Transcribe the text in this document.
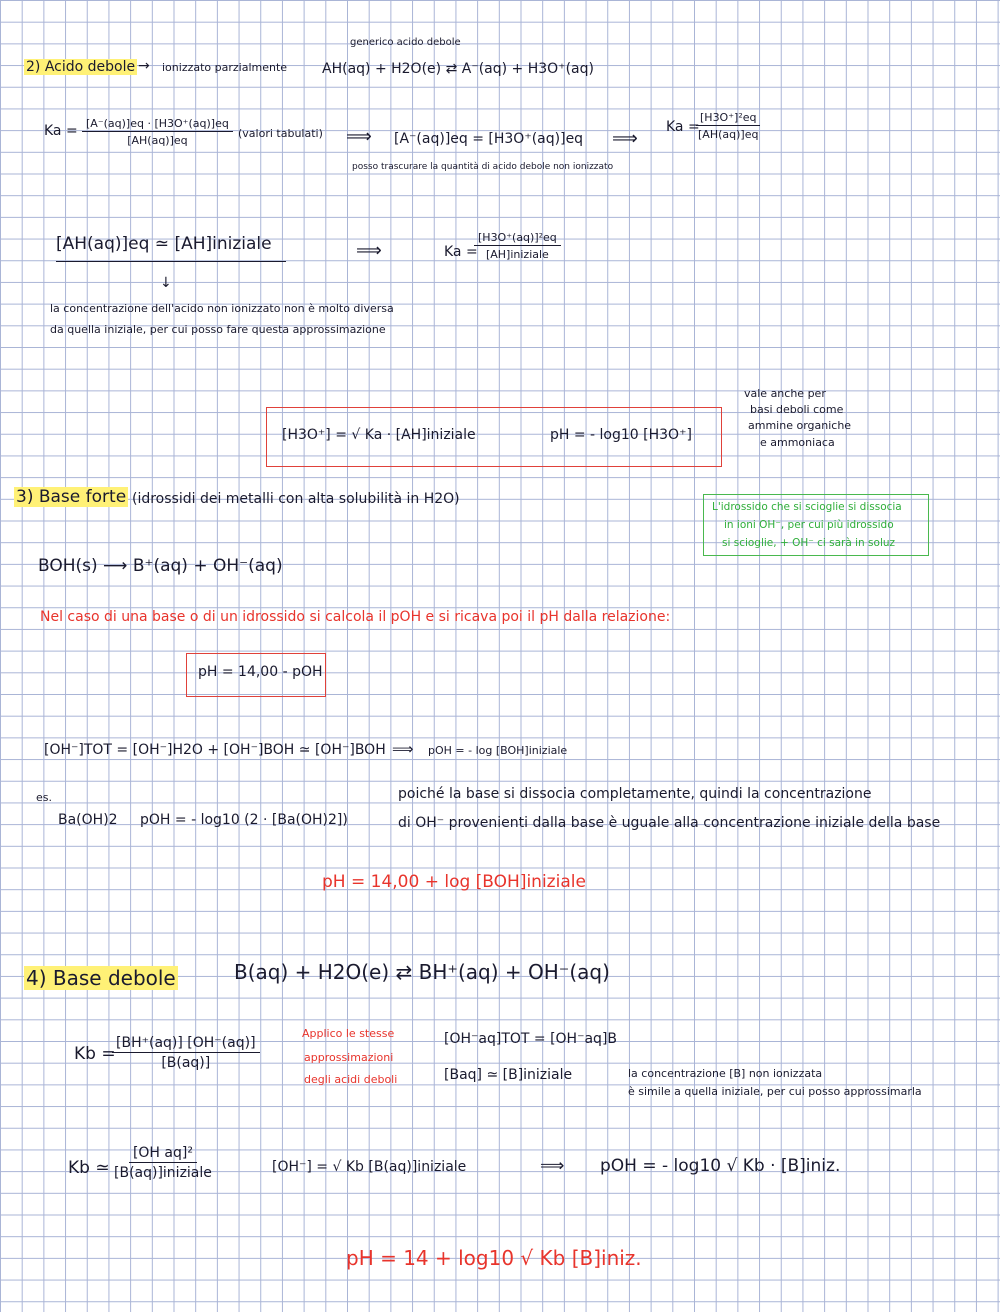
2) Acido debole → ionizzato parzialmente
generico acido debole
AH(aq) + H2O(e) ⇄ A⁻(aq) + H3O⁺(aq)
$Ka = \frac{[A^-(aq)]eq \cdot [H3O^+(aq)]eq}{[AH(aq)]eq}$ (valori tabulati) ⟹ [A⁻(aq)]eq = [H3O⁺(aq)]eq
posso trascurare la quantità di acido debole non ionizzato
⟹
Ka =
$\frac{\text{[H3O⁺]²eq}}{[AH(aq)]eq}$
[AH(aq)]eq ≃ [AH]iniziale
↓
⟹	Ka =
$\frac{\text{[H3O⁺(aq)]²eq}}{\text{[AH]iniziale}}$
la concentrazione dell'acido non ionizzato non è molto diversa
da quella iniziale, per cui posso fare questa approssimazione
[H3O⁺] = √ Ka · [AH]iniziale	pH = - log10 [H3O⁺]
vale anche per
basi deboli come
ammine organiche
e ammoniaca
3) Base forte (idrossidi dei metalli con alta solubilità in H2O)
BOH(s) ⟶ B⁺(aq) + OH⁻(aq)
L'idrossido che si scioglie si dissocia
in ioni OH⁻, per cui più idrossido
si scioglie, + OH⁻ ci sarà in soluz
Nel caso di una base o di un idrossido si calcola il pOH e si ricava poi il pH dalla relazione:
pH = 14,00 - pOH
[OH⁻]TOT = [OH⁻]H2O + [OH⁻]BOH ≃ [OH⁻]BOH ⟹ pOH = - log [BOH]iniziale
es.
Ba(OH)2 pOH = - log10 (2 · [Ba(OH)2])
poiché la base si dissocia completamente, quindi la concentrazione
di OH⁻ provenienti dalla base è uguale alla concentrazione iniziale della base
pH = 14,00 + log [BOH]iniziale
4) Base debole	B(aq) + H2O(e) ⇄ BH⁺(aq) + OH⁻(aq)
Kb =
$\frac{[BH^+(aq)] [OH^-(aq)]}{[B(aq)]}$
Applico le stesse
approssimazioni
degli acidi deboli
[OH⁻aq]TOT = [OH⁻aq]B
[Baq] ≃ [B]iniziale	la concentrazione [B] non ionizzata
è simile a quella iniziale, per cui posso approssimarla
Kb ≃ $\frac{\text{[OH aq]²}}{\text{[B(aq)]iniziale}}$	[OH⁻] = √ Kb [B(aq)]iniziale	⟹ pOH = - log10 √ Kb · [B]iniz.
pH = 14 + log10 √ Kb [B]iniz.
